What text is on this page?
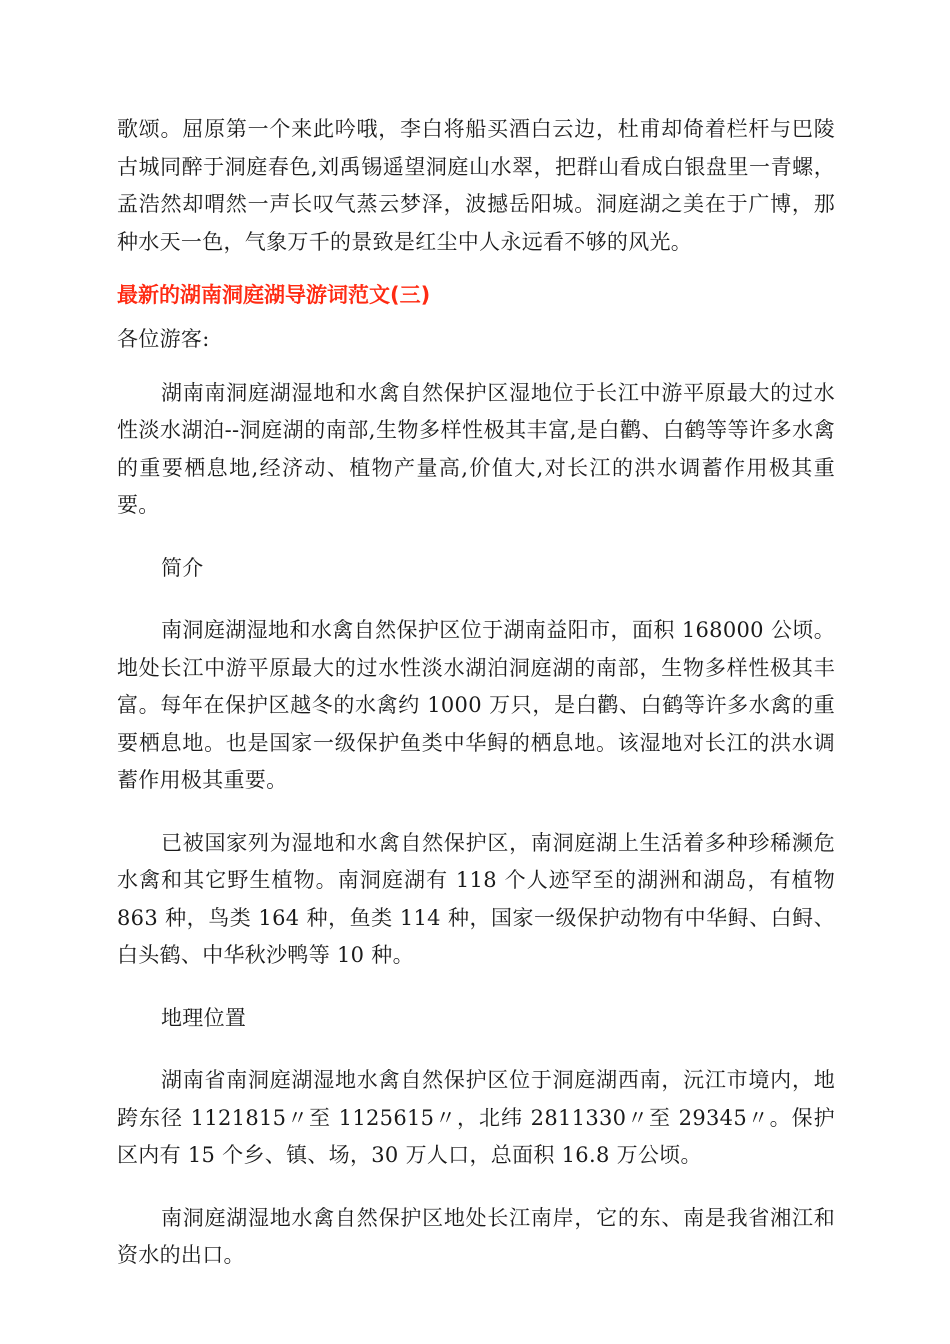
歌颂。屈原第一个来此吟哦，李白将船买酒白云边，杜甫却倚着栏杆与巴陵古城同醉于洞庭春色,刘禹锡遥望洞庭山水翠，把群山看成白银盘里一青螺，孟浩然却喟然一声长叹气蒸云梦泽，波撼岳阳城。洞庭湖之美在于广博，那种水天一色，气象万千的景致是红尘中人永远看不够的风光。

最新的湖南洞庭湖导游词范文(三)

各位游客:

湖南南洞庭湖湿地和水禽自然保护区湿地位于长江中游平原最大的过水性淡水湖泊--洞庭湖的南部,生物多样性极其丰富,是白鹳、白鹤等等许多水禽的重要栖息地,经济动、植物产量高,价值大,对长江的洪水调蓄作用极其重要。

简介

南洞庭湖湿地和水禽自然保护区位于湖南益阳市，面积 168000 公顷。地处长江中游平原最大的过水性淡水湖泊洞庭湖的南部，生物多样性极其丰富。每年在保护区越冬的水禽约 1000 万只，是白鹳、白鹤等许多水禽的重要栖息地。也是国家一级保护鱼类中华鲟的栖息地。该湿地对长江的洪水调蓄作用极其重要。

已被国家列为湿地和水禽自然保护区，南洞庭湖上生活着多种珍稀濒危水禽和其它野生植物。南洞庭湖有 118 个人迹罕至的湖洲和湖岛，有植物 863 种，鸟类 164 种，鱼类 114 种，国家一级保护动物有中华鲟、白鲟、白头鹤、中华秋沙鸭等 10 种。

地理位置

湖南省南洞庭湖湿地水禽自然保护区位于洞庭湖西南，沅江市境内，地跨东径 1121815〃至 1125615〃，北纬 2811330〃至 29345〃。保护区内有 15 个乡、镇、场，30 万人口，总面积 16.8 万公顷。

南洞庭湖湿地水禽自然保护区地处长江南岸，它的东、南是我省湘江和资水的出口。
